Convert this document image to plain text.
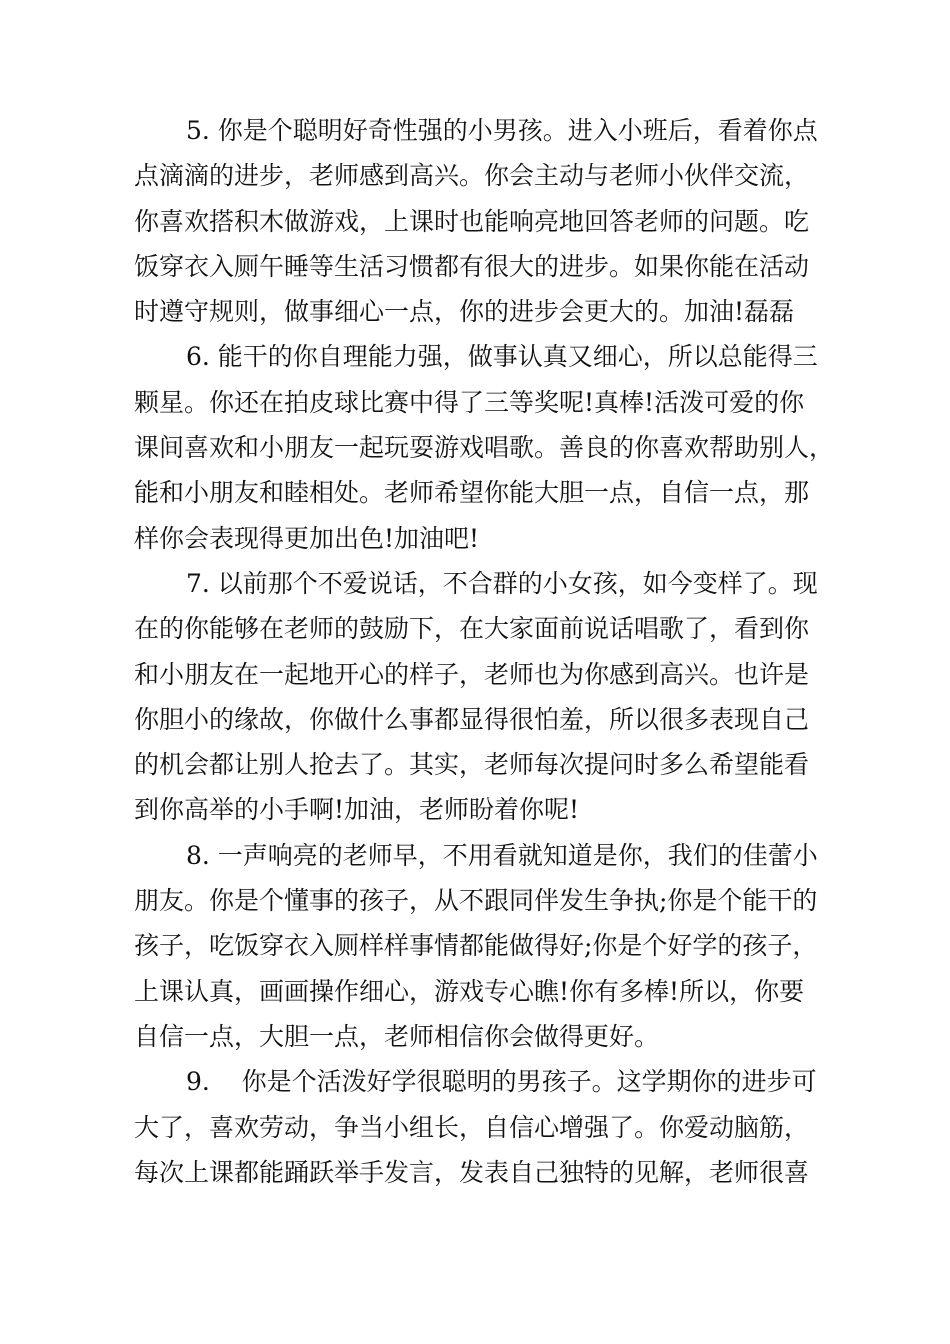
5. 你是个聪明好奇性强的小男孩。进入小班后，看着你点
点滴滴的进步，老师感到高兴。你会主动与老师小伙伴交流，
你喜欢搭积木做游戏，上课时也能响亮地回答老师的问题。吃
饭穿衣入厕午睡等生活习惯都有很大的进步。如果你能在活动
时遵守规则，做事细心一点，你的进步会更大的。加油!磊磊
6. 能干的你自理能力强，做事认真又细心，所以总能得三
颗星。你还在拍皮球比赛中得了三等奖呢!真棒!活泼可爱的你
课间喜欢和小朋友一起玩耍游戏唱歌。善良的你喜欢帮助别人，
能和小朋友和睦相处。老师希望你能大胆一点，自信一点，那
样你会表现得更加出色!加油吧!
7. 以前那个不爱说话，不合群的小女孩，如今变样了。现
在的你能够在老师的鼓励下，在大家面前说话唱歌了，看到你
和小朋友在一起地开心的样子，老师也为你感到高兴。也许是
你胆小的缘故，你做什么事都显得很怕羞，所以很多表现自己
的机会都让别人抢去了。其实，老师每次提问时多么希望能看
到你高举的小手啊!加油，老师盼着你呢!
8. 一声响亮的老师早，不用看就知道是你，我们的佳蕾小
朋友。你是个懂事的孩子，从不跟同伴发生争执;你是个能干的
孩子，吃饭穿衣入厕样样事情都能做得好;你是个好学的孩子，
上课认真，画画操作细心，游戏专心瞧!你有多棒!所以，你要
自信一点，大胆一点，老师相信你会做得更好。
9.    你是个活泼好学很聪明的男孩子。这学期你的进步可
大了，喜欢劳动，争当小组长，自信心增强了。你爱动脑筋，
每次上课都能踊跃举手发言，发表自己独特的见解，老师很喜
